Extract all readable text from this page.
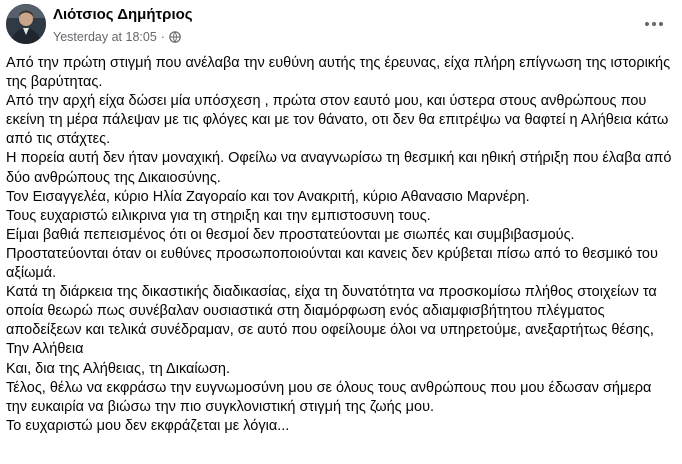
Λιότσιος Δημήτριος
Yesterday at 18:05 ·

Από την πρώτη στιγμή που ανέλαβα την ευθύνη αυτής της έρευνας, είχα πλήρη επίγνωση της ιστορικής της βαρύτητας.

Από την αρχή είχα δώσει μία υπόσχεση , πρώτα στον εαυτό μου, και ύστερα στους ανθρώπους που εκείνη τη μέρα πάλεψαν με τις φλόγες και με τον θάνατο, οτι δεν θα επιτρέψω να θαφτεί η Αλήθεια κάτω από τις στάχτες.

Η πορεία αυτή δεν ήταν μοναχική. Οφείλω να αναγνωρίσω τη θεσμική και ηθική στήριξη που έλαβα από δύο ανθρώπους της Δικαιοσύνης.

Τον Εισαγγελέα, κύριο Ηλία Ζαγοραίο και τον Ανακριτή, κύριο Αθανασιο Μαρνέρη.

Τους ευχαριστώ ειλικρινα για τη στηριξη και την εμπιστοσυνη τους.

Είμαι βαθιά πεπεισμένος ότι οι θεσμοί δεν προστατεύονται με σιωπές και συμβιβασμούς.

Προστατεύονται όταν οι ευθύνες προσωποποιούνται και κανεις δεν κρύβεται πίσω από το θεσμικό του αξίωμά.

Κατά τη διάρκεια της δικαστικής διαδικασίας, είχα τη δυνατότητα να προσκομίσω πλήθος στοιχείων τα οποία θεωρώ πως συνέβαλαν ουσιαστικά στη διαμόρφωση ενός αδιαμφισβήτητου πλέγματος αποδείξεων και τελικά συνέδραμαν, σε αυτό που οφείλουμε όλοι να υπηρετούμε, ανεξαρτήτως θέσης,

Την Αλήθεια

Και, δια της Αλήθειας, τη Δικαίωση.

Τέλος, θέλω να εκφράσω την ευγνωμοσύνη μου σε όλους τους ανθρώπους που μου έδωσαν σήμερα την ευκαιρία να βιώσω την πιο συγκλονιστική στιγμή της ζωής μου.

Το ευχαριστώ μου δεν εκφράζεται με λόγια...
